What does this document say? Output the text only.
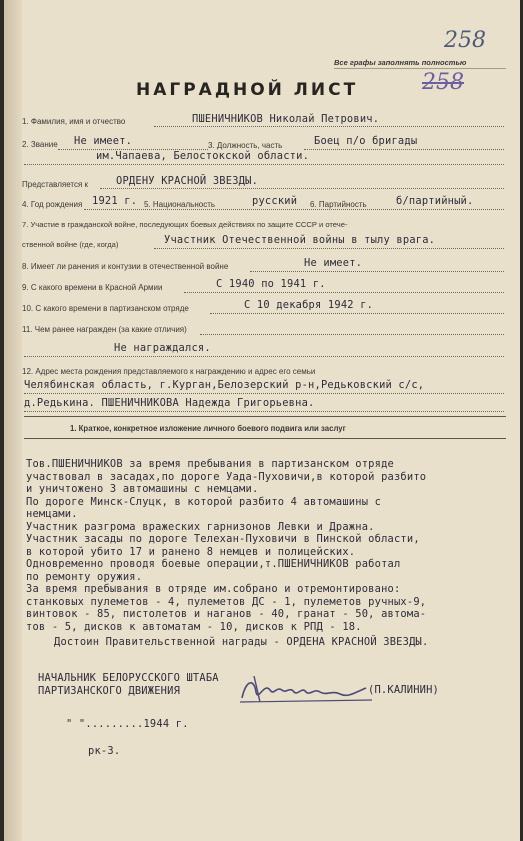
258
Все графы заполнять полностью
258
НАГРАДНОЙ ЛИСТ
1. Фамилия, имя и отчество	ПШЕНИЧНИКОВ Николай Петрович.
2. Звание Не имеет.	3. Должность, часть	Боец п/о бригады
им.Чапаева, Белостокской области.
Представляется к	ОРДЕНУ КРАСНОЙ ЗВЕЗДЫ.
4. Год рождения 1921 г. 5. Национальность	русский 6. Партийность	б/партийный.
7. Участие в гражданской войне, последующих боевых действиях по защите СССР и отече-
ственной войне (где, когда)	Участник Отечественной войны в тылу врага.
8. Имеет ли ранения и контузии в отечественной войне	Не имеет.
9. С какого времени в Красной Армии	С 1940 по 1941 г.
10. С какого времени в партизанском отряде	С 10 декабря 1942 г.
11. Чем ранее награжден (за какие отличия)
Не награждался.
12. Адрес места рождения представляемого к награждению и адрес его семьи
Челябинская область, г.Курган,Белозерский р-н,Редьковский с/с,
д.Редькина. ПШЕНИЧНИКОВА Надежда Григорьевна.
1. Краткое, конкретное изложение личного боевого подвига или заслуг
Тов.ПШЕНИЧНИКОВ за время пребывания в партизанском отряде
участвовал в засадах,по дороге Уада-Пуховичи,в которой разбито
и уничтожено 3 автомашины с немцами.
По дороге Минск-Слуцк, в которой разбито 4 автомашины с
немцами.
Участник разгрома вражеских гарнизонов Левки и Дражна.
Участник засады по дороге Телехан-Пуховичи в Пинской области,
в которой убито 17 и ранено 8 немцев и полицейских.
Одновременно проводя боевые операции,т.ПШЕНИЧНИКОВ работал
по ремонту оружия.
За время пребывания в отряде им.собрано и отремонтировано:
станковых пулеметов - 4, пулеметов ДС - 1, пулеметов ручных-9,
винтовок - 85, пистолетов и наганов - 40, гранат - 50, автома-
тов - 5, дисков к автоматам - 10, дисков к РПД - 18.
Достоин Правительственной награды - ОРДЕНА КРАСНОЙ ЗВЕЗДЫ.
НАЧАЛЬНИК БЕЛОРУССКОГО ШТАБА
ПАРТИЗАНСКОГО ДВИЖЕНИЯ	(П.КАЛИНИН)
" ".........1944 г.
рк-3.
